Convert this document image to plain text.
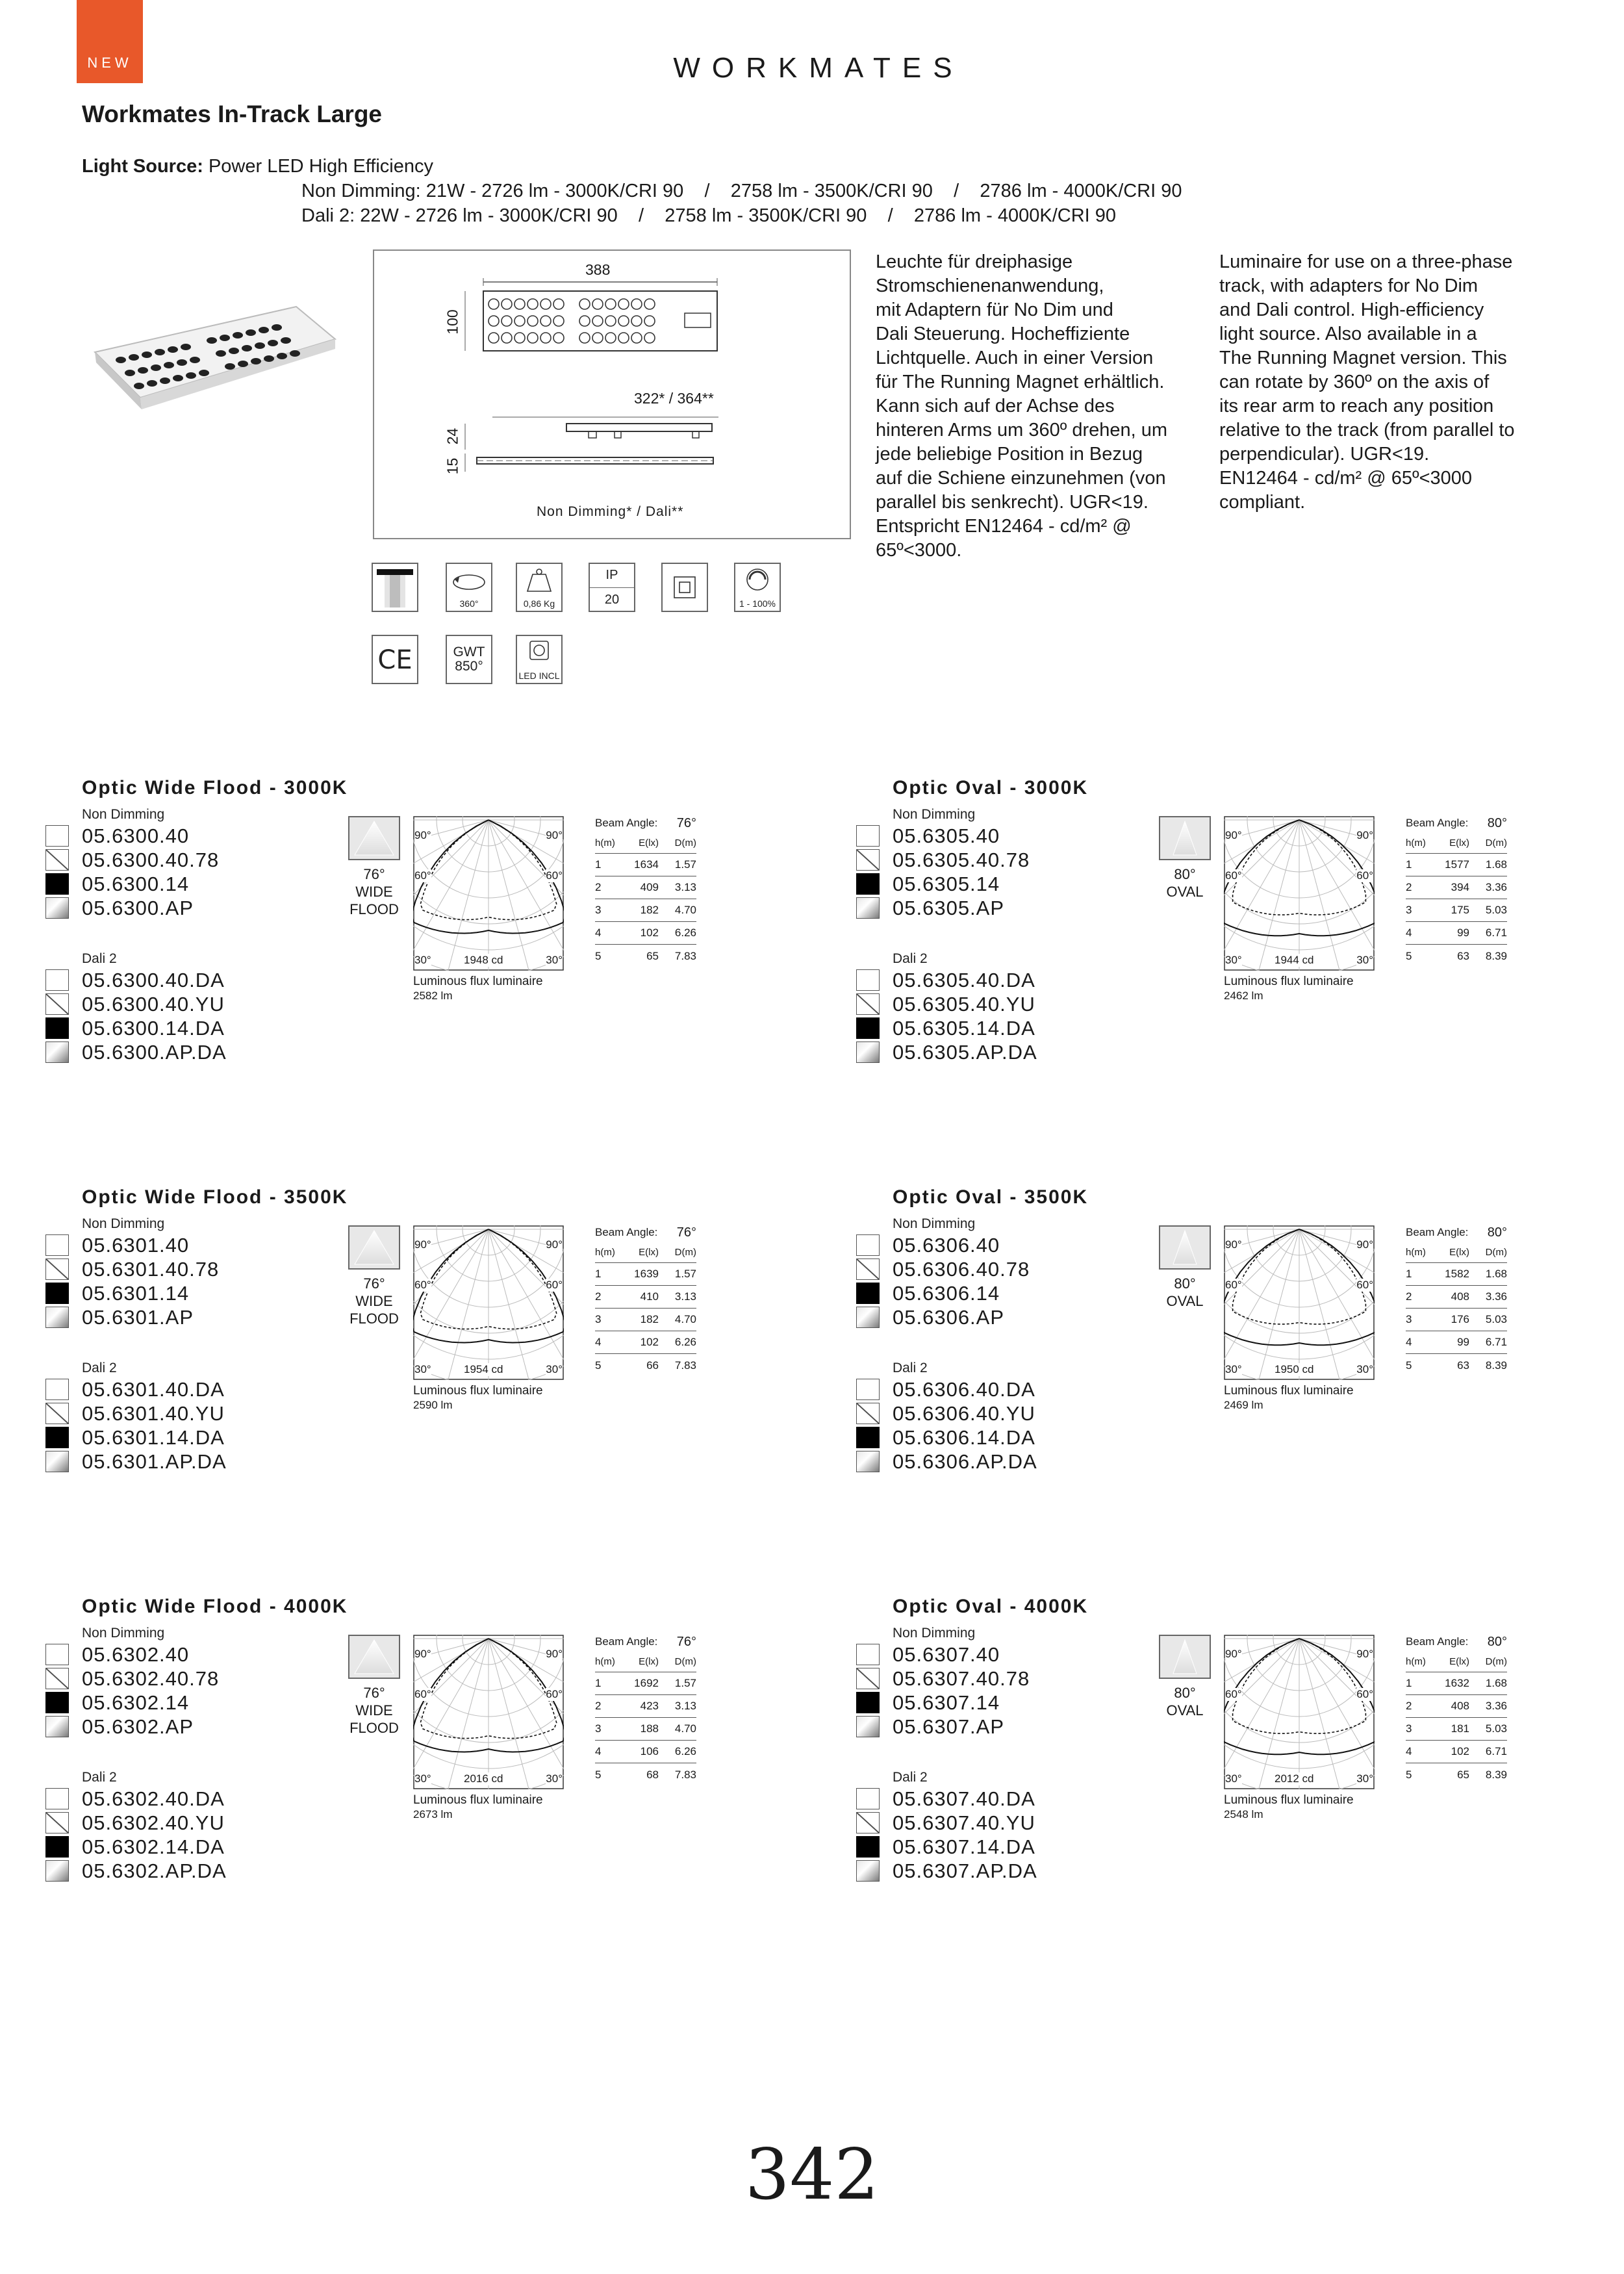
NEW	WORKMATES
Workmates In-Track Large
Light Source: Power LED High Efficiency
Non Dimming: 21W - 2726 lm - 3000K/CRI 90    /    2758 lm - 3500K/CRI 90    /    2786 lm - 4000K/CRI 90
Dali 2: 22W - 2726 lm - 3000K/CRI 90    /    2758 lm - 3500K/CRI 90    /    2786 lm - 4000K/CRI 90
388
100
322* / 364**
24
15
Non Dimming* / Dali**
Leuchte für dreiphasige
Stromschienenanwendung,
mit Adaptern für No Dim und
Dali Steuerung. Hocheffiziente
Lichtquelle. Auch in einer Version
für The Running Magnet erhältlich.
Kann sich auf der Achse des
hinteren Arms um 360º drehen, um
jede beliebige Position in Bezug
auf die Schiene einzunehmen (von
parallel bis senkrecht). UGR<19.
Entspricht EN12464 - cd/m² @
65º<3000.
Luminaire for use on a three-phase
track, with adapters for No Dim
and Dali control. High-efficiency
light source. Also available in a
The Running Magnet version. This
can rotate by 360º on the axis of
its rear arm to reach any position
relative to the track (from parallel to
perpendicular). UGR<19.
EN12464 - cd/m² @ 65º<3000
compliant.
360°	0,86 Kg
IP
20	1 - 100%
CE	GWT
850°
LED INCL
Optic Wide Flood - 3000K
Non Dimming
05.6300.40
05.6300.40.78
05.6300.14
05.6300.AP
Dali 2
05.6300.40.DA
05.6300.40.YU
05.6300.14.DA
05.6300.AP.DA
76°
WIDE
FLOOD
90°	90°
60°	60°
30°	30°
1948 cd
Luminous flux luminaire
2582 lm
Beam Angle: 76°
h(m)	E(lx)	D(m)
1	1634	1.57
2	409	3.13
3	182	4.70
4	102	6.26
5	65	7.83
Optic Oval - 3000K
Non Dimming
05.6305.40
05.6305.40.78
05.6305.14
05.6305.AP
Dali 2
05.6305.40.DA
05.6305.40.YU
05.6305.14.DA
05.6305.AP.DA
80°
OVAL
90°	90°
60°	60°
30°	30°
1944 cd
Luminous flux luminaire
2462 lm
Beam Angle: 80°
h(m)	E(lx)	D(m)
1	1577	1.68
2	394	3.36
3	175	5.03
4	99	6.71
5	63	8.39
Optic Wide Flood - 3500K
Non Dimming
05.6301.40
05.6301.40.78
05.6301.14
05.6301.AP
Dali 2
05.6301.40.DA
05.6301.40.YU
05.6301.14.DA
05.6301.AP.DA
76°
WIDE
FLOOD
90°	90°
60°	60°
30°	30°
1954 cd
Luminous flux luminaire
2590 lm
Beam Angle: 76°
h(m)	E(lx)	D(m)
1	1639	1.57
2	410	3.13
3	182	4.70
4	102	6.26
5	66	7.83
Optic Oval - 3500K
Non Dimming
05.6306.40
05.6306.40.78
05.6306.14
05.6306.AP
Dali 2
05.6306.40.DA
05.6306.40.YU
05.6306.14.DA
05.6306.AP.DA
80°
OVAL
90°	90°
60°	60°
30°	30°
1950 cd
Luminous flux luminaire
2469 lm
Beam Angle: 80°
h(m)	E(lx)	D(m)
1	1582	1.68
2	408	3.36
3	176	5.03
4	99	6.71
5	63	8.39
Optic Wide Flood - 4000K
Non Dimming
05.6302.40
05.6302.40.78
05.6302.14
05.6302.AP
Dali 2
05.6302.40.DA
05.6302.40.YU
05.6302.14.DA
05.6302.AP.DA
76°
WIDE
FLOOD
90°	90°
60°	60°
30°	30°
2016 cd
Luminous flux luminaire
2673 lm
Beam Angle: 76°
h(m)	E(lx)	D(m)
1	1692	1.57
2	423	3.13
3	188	4.70
4	106	6.26
5	68	7.83
Optic Oval - 4000K
Non Dimming
05.6307.40
05.6307.40.78
05.6307.14
05.6307.AP
Dali 2
05.6307.40.DA
05.6307.40.YU
05.6307.14.DA
05.6307.AP.DA
80°
OVAL
90°	90°
60°	60°
30°	30°
2012 cd
Luminous flux luminaire
2548 lm
Beam Angle: 80°
h(m)	E(lx)	D(m)
1	1632	1.68
2	408	3.36
3	181	5.03
4	102	6.71
5	65	8.39
342
